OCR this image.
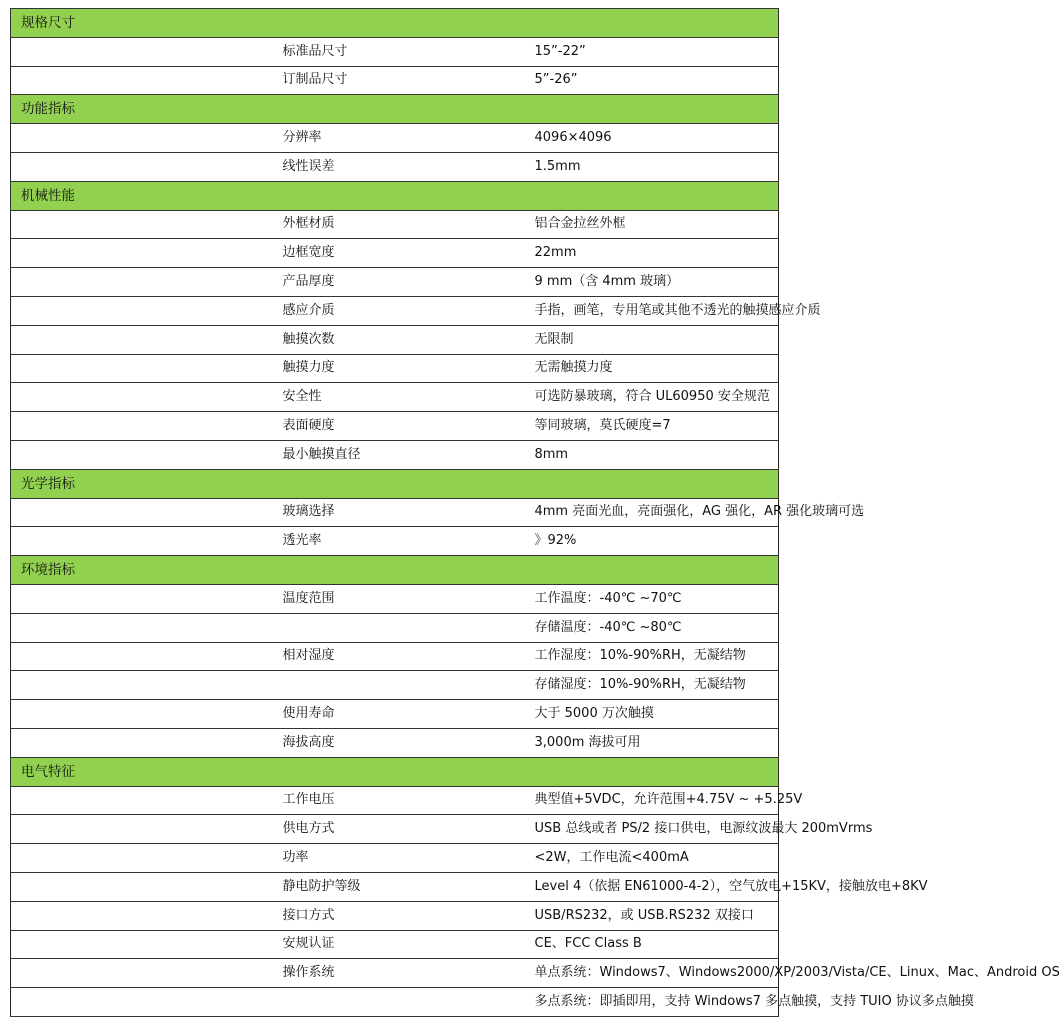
规格尺寸		
	标准品尺寸	15”-22”
	订制品尺寸	5”-26”
功能指标		
	分辨率	4096×4096
	线性误差	1.5mm
机械性能		
	外框材质	铝合金拉丝外框
	边框宽度	22mm
	产品厚度	9 mm（含 4mm 玻璃）
	感应介质	手指，画笔，专用笔或其他不透光的触摸感应介质
	触摸次数	无限制
	触摸力度	无需触摸力度
	安全性	可选防暴玻璃，符合 UL60950 安全规范
	表面硬度	等同玻璃，莫氏硬度=7
	最小触摸直径	8mm
光学指标		
	玻璃选择	4mm 亮面光血，亮面强化，AG 强化，AR 强化玻璃可选
	透光率	》92%
环境指标		
	温度范围	工作温度：-40℃ ~70℃
		存储温度：-40℃ ~80℃
	相对湿度	工作湿度：10%-90%RH，无凝结物
		存储湿度：10%-90%RH，无凝结物
	使用寿命	大于 5000 万次触摸
	海拔高度	3,000m 海拔可用
电气特征		
	工作电压	典型值+5VDC，允许范围+4.75V ~ +5.25V
	供电方式	USB 总线或者 PS/2 接口供电，电源纹波最大 200mVrms
	功率	<2W，工作电流<400mA
	静电防护等级	Level 4（依据 EN61000-4-2），空气放电+15KV，接触放电+8KV
	接口方式	USB/RS232，或 USB.RS232 双接口
	安规认证	CE、FCC Class B
	操作系统	单点系统：Windows7、Windows2000/XP/2003/Vista/CE、Linux、Mac、Android OS
		多点系统：即插即用，支持 Windows7 多点触摸，支持 TUIO 协议多点触摸
